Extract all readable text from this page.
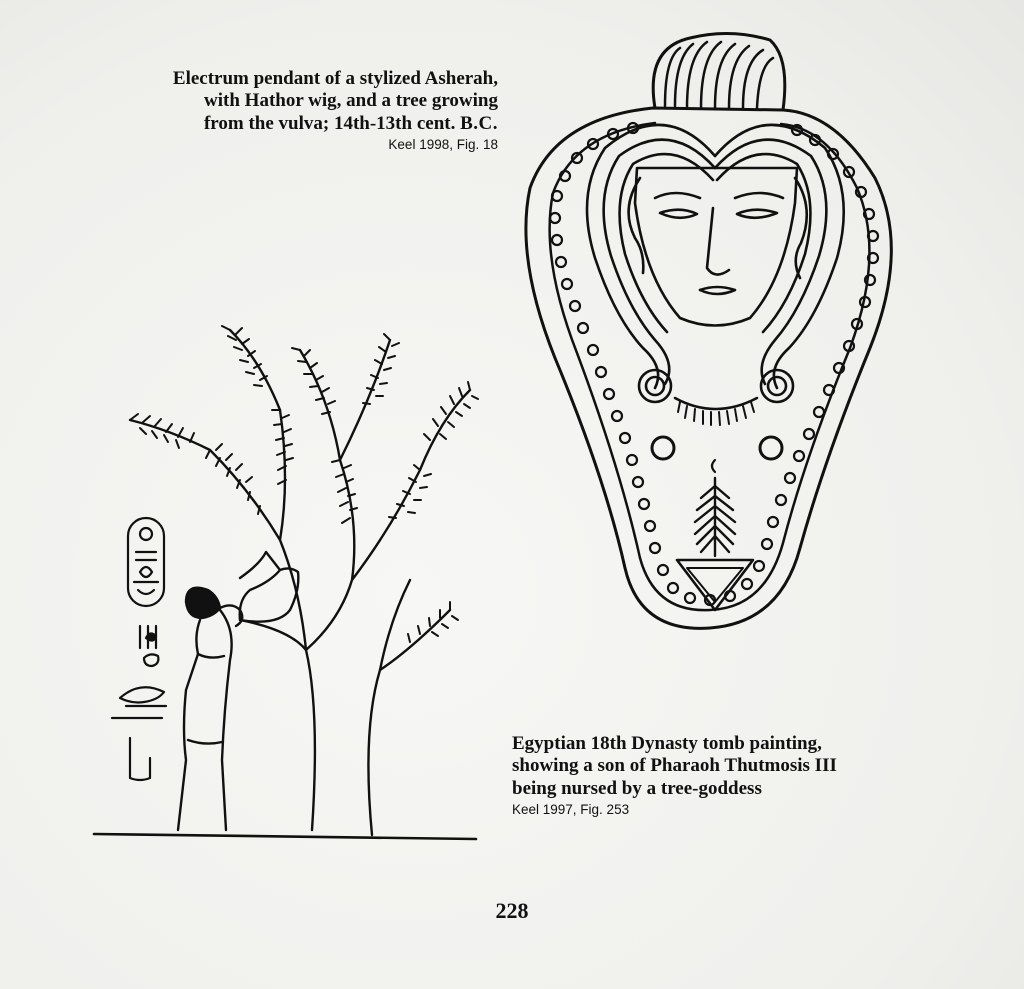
Electrum pendant of a stylized Asherah,
with Hathor wig, and a tree growing
from the vulva; 14th-13th cent. B.C.
Keel 1998, Fig. 18
Egyptian 18th Dynasty tomb painting,
showing a son of Pharaoh Thutmosis III
being nursed by a tree-goddess
Keel 1997, Fig. 253
228
